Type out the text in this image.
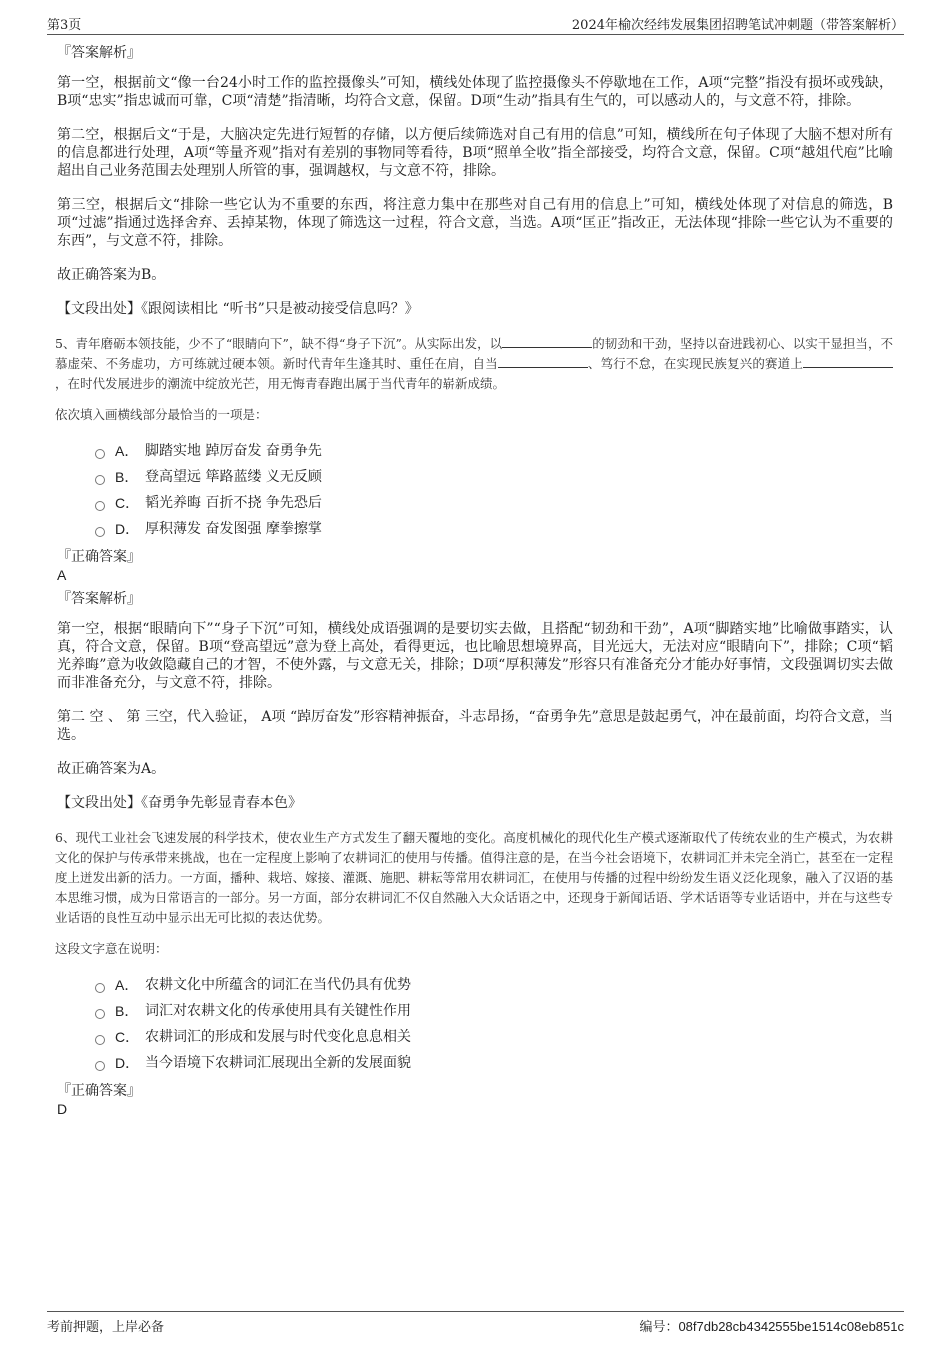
第3页	2024年榆次经纬发展集团招聘笔试冲刺题（带答案解析）
『答案解析』
第一空，根据前文“像一台24小时工作的监控摄像头”可知，横线处体现了监控摄像头不停歇地在工作，A项“完整”指没有损坏或残缺，B项“忠实”指忠诚而可靠，C项“清楚”指清晰，均符合文意，保留。D项“生动”指具有生气的，可以感动人的，与文意不符，排除。
第二空，根据后文“于是，大脑决定先进行短暂的存储，以方便后续筛选对自己有用的信息”可知，横线所在句子体现了大脑不想对所有的信息都进行处理，A项“等量齐观”指对有差别的事物同等看待，B项“照单全收”指全部接受，均符合文意，保留。C项“越俎代庖”比喻超出自己业务范围去处理别人所管的事，强调越权，与文意不符，排除。
第三空，根据后文“排除一些它认为不重要的东西，将注意力集中在那些对自己有用的信息上”可知，横线处体现了对信息的筛选，B项“过滤”指通过选择舍弃、丢掉某物，体现了筛选这一过程，符合文意，当选。A项“匡正”指改正，无法体现“排除一些它认为不重要的东西”，与文意不符，排除。
故正确答案为B。
【文段出处】《跟阅读相比 “听书”只是被动接受信息吗？》
5、青年磨砺本领技能，少不了“眼睛向下”，缺不得“身子下沉”。从实际出发，以	的韧劲和干劲，坚持以奋进践初心、以实干显担当，不慕虚荣、不务虚功，方可练就过硬本领。新时代青年生逢其时、重任在肩，自当	、笃行不怠，在实现民族复兴的赛道上，在时代发展进步的潮流中绽放光芒，用无悔青春跑出属于当代青年的崭新成绩。
依次填入画横线部分最恰当的一项是：
A． 脚踏实地 踔厉奋发 奋勇争先
B． 登高望远 筚路蓝缕 义无反顾
C． 韬光养晦 百折不挠 争先恐后
D． 厚积薄发 奋发图强 摩拳擦掌
『正确答案』
A
『答案解析』
第一空，根据“眼睛向下”“身子下沉”可知，横线处成语强调的是要切实去做，且搭配“韧劲和干劲”，A项“脚踏实地”比喻做事踏实，认真，符合文意，保留。B项“登高望远”意为登上高处，看得更远，也比喻思想境界高，目光远大，无法对应“眼睛向下”，排除；C项“韬光养晦”意为收敛隐藏自己的才智，不使外露，与文意无关，排除；D项“厚积薄发”形容只有准备充分才能办好事情，文段强调切实去做而非准备充分，与文意不符，排除。
第二 空 、 第 三空，代入验证， A项 “踔厉奋发”形容精神振奋，斗志昂扬，“奋勇争先”意思是鼓起勇气，冲在最前面，均符合文意，当选。
故正确答案为A。
【文段出处】《奋勇争先彰显青春本色》
6、现代工业社会飞速发展的科学技术，使农业生产方式发生了翻天覆地的变化。高度机械化的现代化生产模式逐渐取代了传统农业的生产模式，为农耕文化的保护与传承带来挑战，也在一定程度上影响了农耕词汇的使用与传播。值得注意的是，在当今社会语境下，农耕词汇并未完全消亡，甚至在一定程度上迸发出新的活力。一方面，播种、栽培、嫁接、灌溉、施肥、耕耘等常用农耕词汇，在使用与传播的过程中纷纷发生语义泛化现象，融入了汉语的基本思维习惯，成为日常语言的一部分。另一方面，部分农耕词汇不仅自然融入大众话语之中，还现身于新闻话语、学术话语等专业话语中，并在与这些专业话语的良性互动中显示出无可比拟的表达优势。
这段文字意在说明：
A． 农耕文化中所蕴含的词汇在当代仍具有优势
B． 词汇对农耕文化的传承使用具有关键性作用
C． 农耕词汇的形成和发展与时代变化息息相关
D． 当今语境下农耕词汇展现出全新的发展面貌
『正确答案』
D
考前押题，上岸必备	编号：08f7db28cb4342555be1514c08eb851c
